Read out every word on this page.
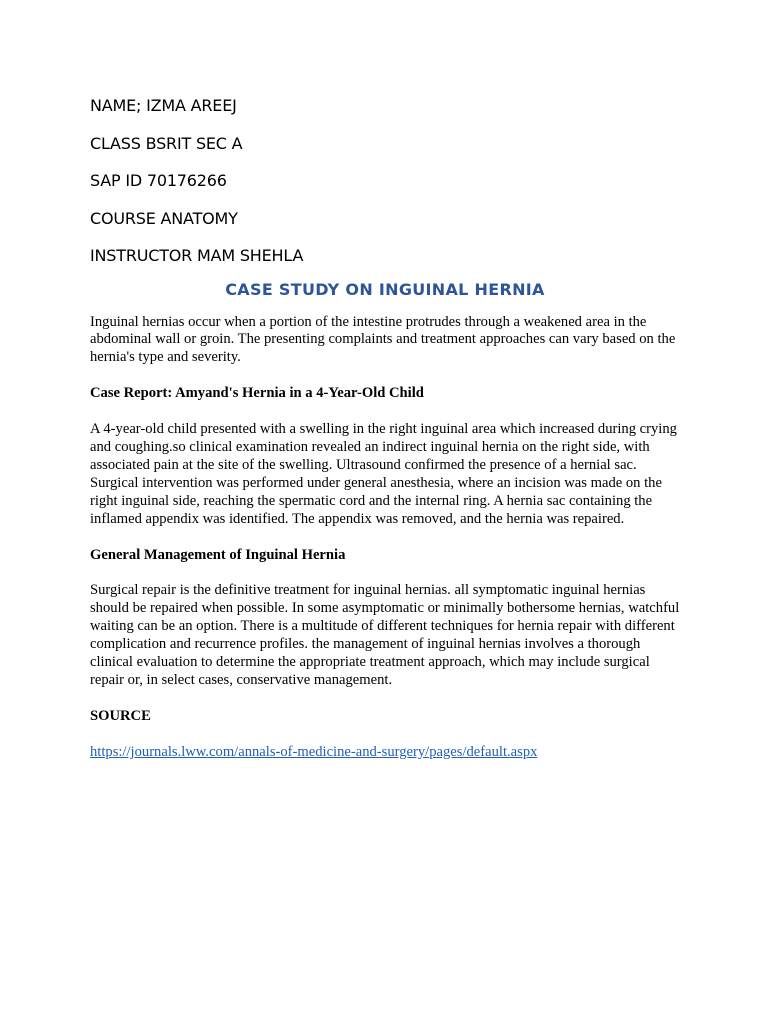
NAME; IZMA AREEJ

CLASS BSRIT SEC A

SAP ID 70176266

COURSE ANATOMY

INSTRUCTOR MAM SHEHLA

CASE STUDY ON INGUINAL HERNIA

Inguinal hernias occur when a portion of the intestine protrudes through a weakened area in the abdominal wall or groin. The presenting complaints and treatment approaches can vary based on the hernia's type and severity.

Case Report: Amyand's Hernia in a 4-Year-Old Child

A 4-year-old child presented with a swelling in the right inguinal area which increased during crying and coughing.so clinical examination revealed an indirect inguinal hernia on the right side, with associated pain at the site of the swelling. Ultrasound confirmed the presence of a hernial sac. Surgical intervention was performed under general anesthesia, where an incision was made on the right inguinal side, reaching the spermatic cord and the internal ring. A hernia sac containing the inflamed appendix was identified. The appendix was removed, and the hernia was repaired.

General Management of Inguinal Hernia

Surgical repair is the definitive treatment for inguinal hernias. all symptomatic inguinal hernias should be repaired when possible. In some asymptomatic or minimally bothersome hernias, watchful waiting can be an option. There is a multitude of different techniques for hernia repair with different complication and recurrence profiles. the management of inguinal hernias involves a thorough clinical evaluation to determine the appropriate treatment approach, which may include surgical repair or, in select cases, conservative management.

SOURCE

https://journals.lww.com/annals-of-medicine-and-surgery/pages/default.aspx
